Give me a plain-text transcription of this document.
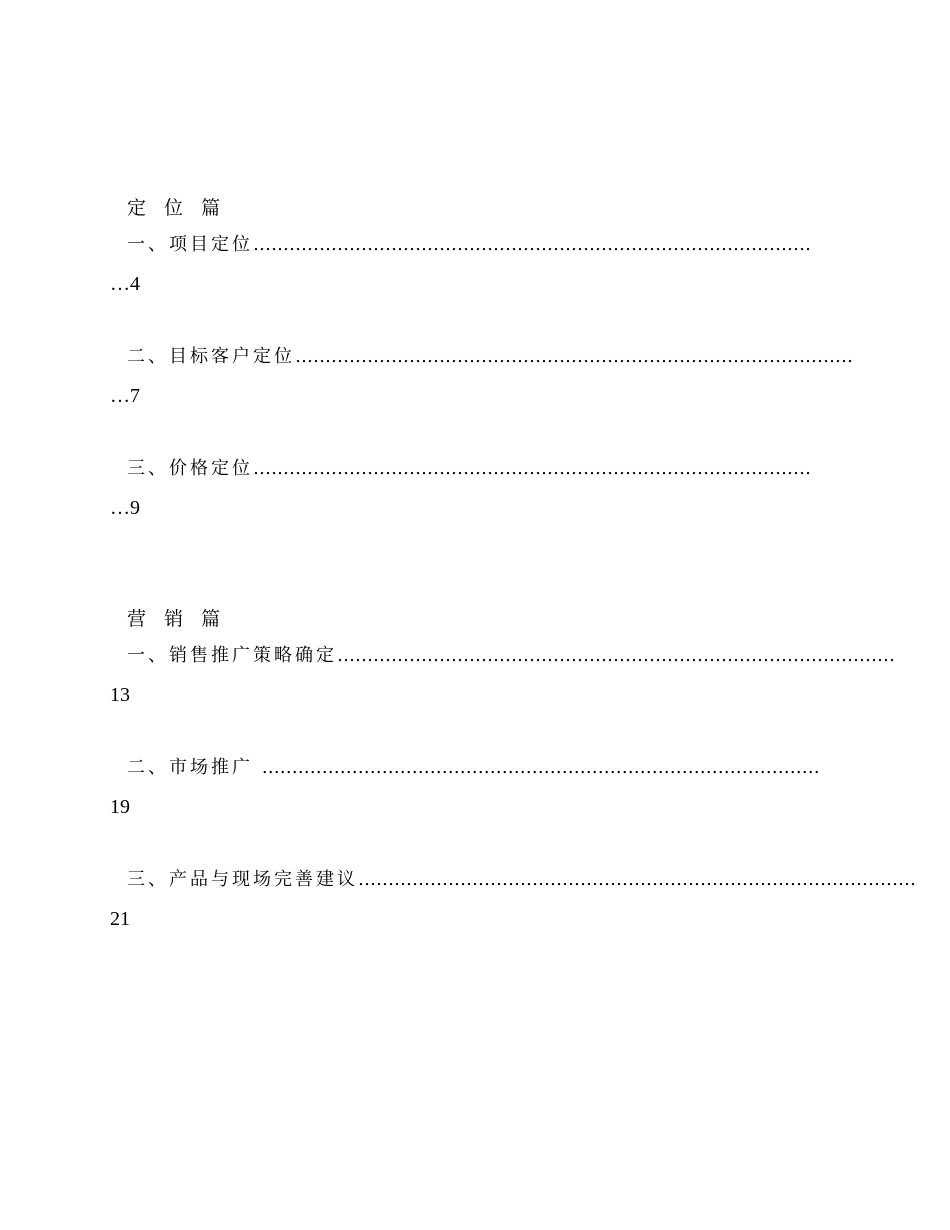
定 位 篇
一、项目定位…………………………………………………………………………………
…4
二、目标客户定位…………………………………………………………………………………
…7
三、价格定位…………………………………………………………………………………
…9
营 销 篇
一、销售推广策略确定…………………………………………………………………………………
13
二、市场推广 …………………………………………………………………………………
19
三、产品与现场完善建议…………………………………………………………………………………
21
